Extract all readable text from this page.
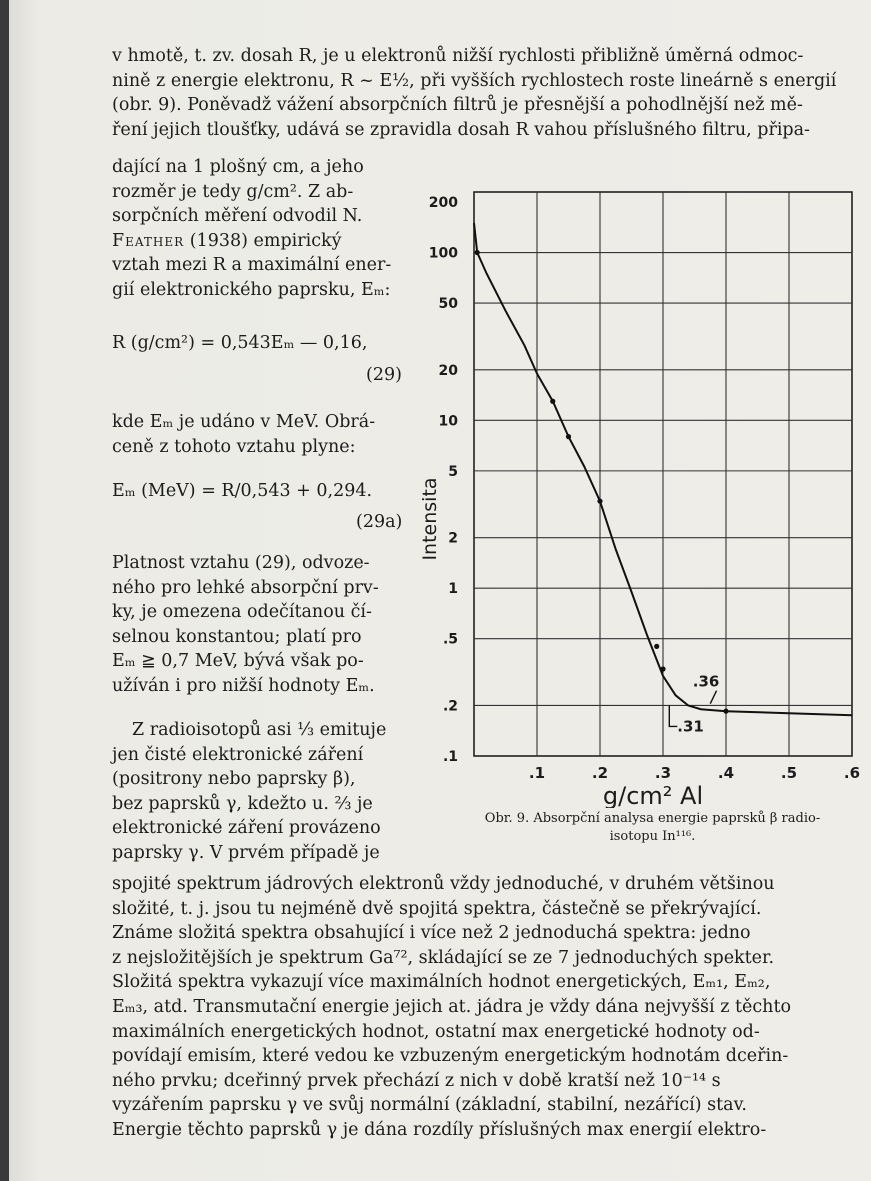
v hmotě, t. zv. dosah R, je u elektronů nižší rychlosti přibližně úměrná odmoc-
nině z energie elektronu, R ~ E½, při vyšších rychlostech roste lineárně s energií
(obr. 9). Poněvadž vážení absorpčních filtrů je přesnější a pohodlnější než mě-
ření jejich tloušťky, udává se zpravidla dosah R vahou příslušného filtru, připa-
dající na 1 plošný cm, a jeho
rozměr je tedy g/cm². Z ab-
sorpčních měření odvodil N.
Feather (1938) empirický
vztah mezi R a maximální ener-
gií elektronického paprsku, Eₘ:
R (g/cm²) = 0,543Eₘ — 0,16,
(29)
kde Eₘ je udáno v MeV. Obrá-
ceně z tohoto vztahu plyne:
Eₘ (MeV) = R/0,543 + 0,294.
(29a)
Platnost vztahu (29), odvoze-
ného pro lehké absorpční prv-
ky, je omezena odečítanou čí-
selnou konstantou; platí pro
Eₘ ≧ 0,7 MeV, bývá však po-
užíván i pro nižší hodnoty Eₘ.
Z radioisotopů asi ⅓ emituje
jen čisté elektronické záření
(positrony nebo paprsky β),
bez paprsků γ, kdežto u. ⅔ je
elektronické záření provázeno
paprsky γ. V prvém případě je
.1	.2	.3	.4	.5	.6
200
100
50
20
10
5
2
1
.5
.2
.1
g/cm² Al
Intensita
.36
.31

Obr. 9. Absorpční analysa energie paprsků β radio-
isotopu In¹¹⁶.

spojité spektrum jádrových elektronů vždy jednoduché, v druhém většinou
složité, t. j. jsou tu nejméně dvě spojitá spektra, částečně se překrývající.
Známe složitá spektra obsahující i více než 2 jednoduchá spektra: jedno
z nejsložitějších je spektrum Ga⁷², skládající se ze 7 jednoduchých spekter.
Složitá spektra vykazují více maximálních hodnot energetických, Eₘ₁, Eₘ₂,
Eₘ₃, atd. Transmutační energie jejich at. jádra je vždy dána nejvyšší z těchto
maximálních energetických hodnot, ostatní max energetické hodnoty od-
povídají emisím, které vedou ke vzbuzeným energetickým hodnotám dceřin-
ného prvku; dceřinný prvek přechází z nich v době kratší než 10⁻¹⁴ s
vyzářením paprsku γ ve svůj normální (základní, stabilní, nezářící) stav.
Energie těchto paprsků γ je dána rozdíly příslušných max energií elektro-
